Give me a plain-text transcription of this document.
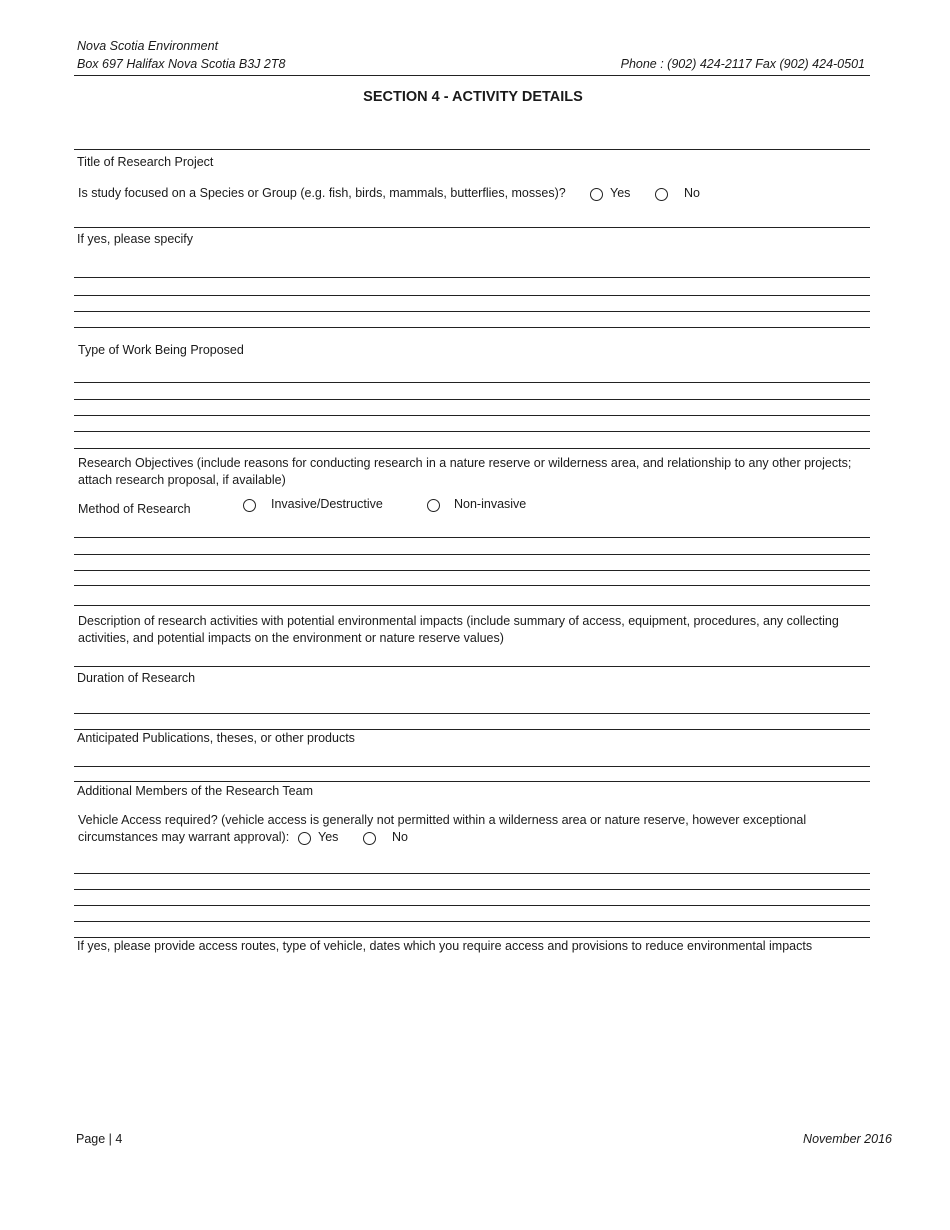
Nova Scotia Environment
Box 697 Halifax Nova Scotia B3J 2T8	Phone : (902) 424-2117 Fax (902) 424-0501
SECTION 4 - ACTIVITY DETAILS
Title of Research Project
Is study focused on a Species or Group (e.g. fish, birds, mammals, butterflies, mosses)?	Yes	No
If yes, please specify
Type of Work Being Proposed
Research Objectives (include reasons for conducting research in a nature reserve or wilderness area, and relationship to any other projects; attach research proposal, if available)
Method of Research	Invasive/Destructive	Non-invasive
Description of research activities with potential environmental impacts (include summary of access, equipment, procedures, any collecting activities, and potential impacts on the environment or nature reserve values)
Duration of Research
Anticipated Publications, theses, or other products
Additional Members of the Research Team
Vehicle Access required? (vehicle access is generally not permitted within a wilderness area or nature reserve, however exceptional circumstances may warrant approval):	Yes	No
If yes, please provide access routes, type of vehicle, dates which you require access and provisions to reduce environmental impacts
Page | 4	November 2016
